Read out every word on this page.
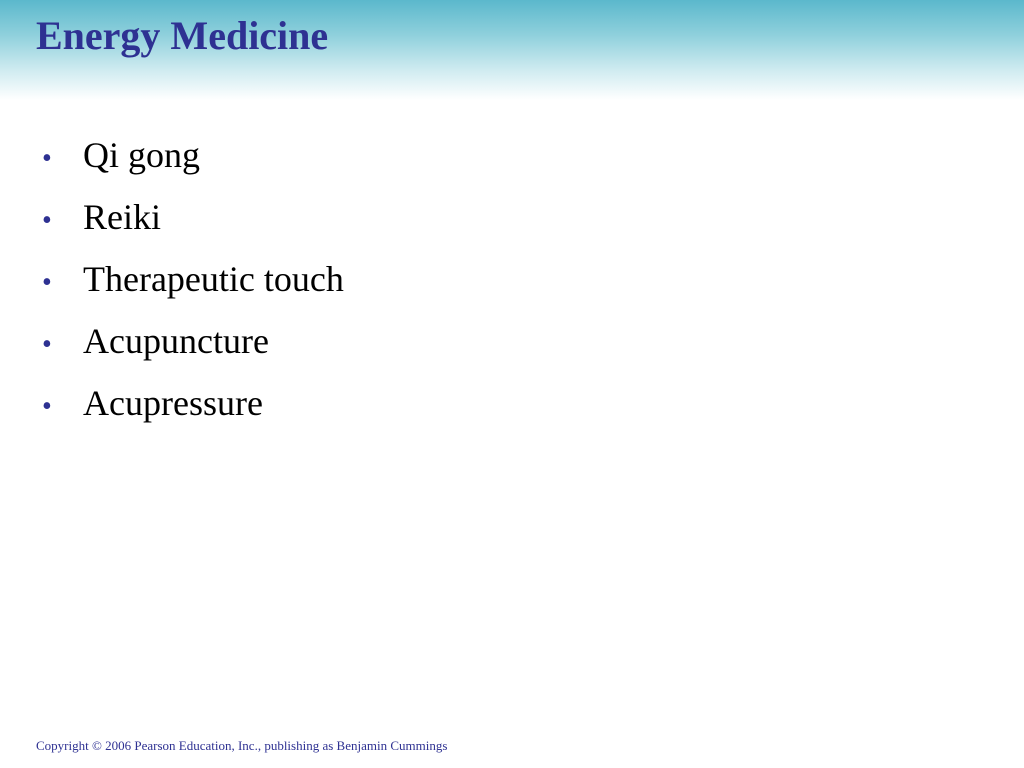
Energy Medicine
• Qi gong
• Reiki
• Therapeutic touch
• Acupuncture
• Acupressure
Copyright © 2006 Pearson Education, Inc., publishing as Benjamin Cummings
